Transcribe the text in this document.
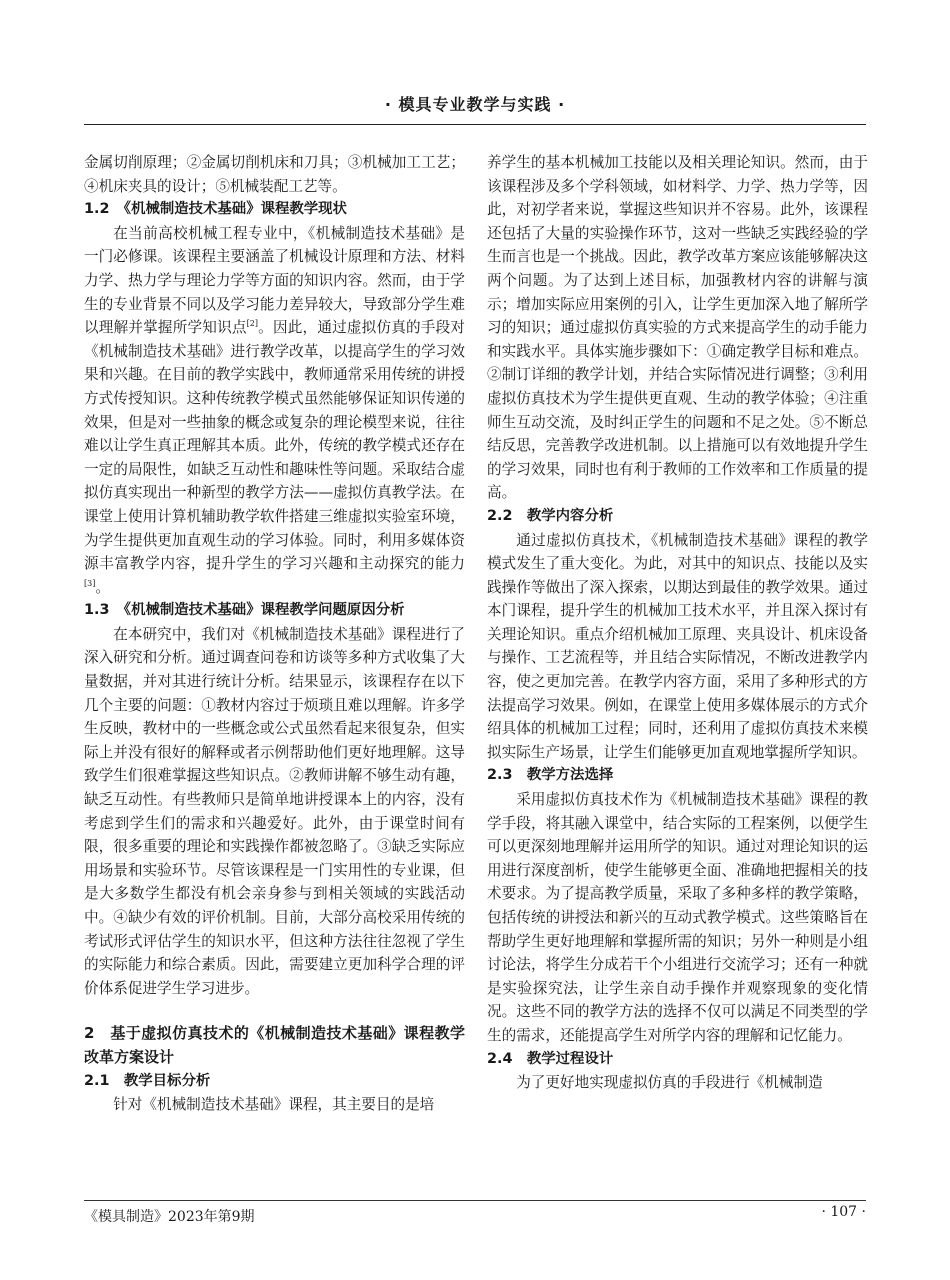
· 模具专业教学与实践 ·

金属切削原理；②金属切削机床和刀具；③机械加工工艺；④机床夹具的设计；⑤机械装配工艺等。

1.2　《机械制造技术基础》课程教学现状

在当前高校机械工程专业中，《机械制造技术基础》是一门必修课。该课程主要涵盖了机械设计原理和方法、材料力学、热力学与理论力学等方面的知识内容。然而，由于学生的专业背景不同以及学习能力差异较大，导致部分学生难以理解并掌握所学知识点[2]。因此，通过虚拟仿真的手段对《机械制造技术基础》进行教学改革，以提高学生的学习效果和兴趣。在目前的教学实践中，教师通常采用传统的讲授方式传授知识。这种传统教学模式虽然能够保证知识传递的效果，但是对一些抽象的概念或复杂的理论模型来说，往往难以让学生真正理解其本质。此外，传统的教学模式还存在一定的局限性，如缺乏互动性和趣味性等问题。采取结合虚拟仿真实现出一种新型的教学方法——虚拟仿真教学法。在课堂上使用计算机辅助教学软件搭建三维虚拟实验室环境，为学生提供更加直观生动的学习体验。同时，利用多媒体资源丰富教学内容，提升学生的学习兴趣和主动探究的能力[3]。

1.3　《机械制造技术基础》课程教学问题原因分析

在本研究中，我们对《机械制造技术基础》课程进行了深入研究和分析。通过调查问卷和访谈等多种方式收集了大量数据，并对其进行统计分析。结果显示，该课程存在以下几个主要的问题：①教材内容过于烦琐且难以理解。许多学生反映，教材中的一些概念或公式虽然看起来很复杂，但实际上并没有很好的解释或者示例帮助他们更好地理解。这导致学生们很难掌握这些知识点。②教师讲解不够生动有趣，缺乏互动性。有些教师只是简单地讲授课本上的内容，没有考虑到学生们的需求和兴趣爱好。此外，由于课堂时间有限，很多重要的理论和实践操作都被忽略了。③缺乏实际应用场景和实验环节。尽管该课程是一门实用性的专业课，但是大多数学生都没有机会亲身参与到相关领域的实践活动中。④缺少有效的评价机制。目前，大部分高校采用传统的考试形式评估学生的知识水平，但这种方法往往忽视了学生的实际能力和综合素质。因此，需要建立更加科学合理的评价体系促进学生学习进步。

2　基于虚拟仿真技术的《机械制造技术基础》课程教学改革方案设计
2.1　教学目标分析

针对《机械制造技术基础》课程，其主要目的是培

养学生的基本机械加工技能以及相关理论知识。然而，由于该课程涉及多个学科领域，如材料学、力学、热力学等，因此，对初学者来说，掌握这些知识并不容易。此外，该课程还包括了大量的实验操作环节，这对一些缺乏实践经验的学生而言也是一个挑战。因此，教学改革方案应该能够解决这两个问题。为了达到上述目标，加强教材内容的讲解与演示；增加实际应用案例的引入，让学生更加深入地了解所学习的知识；通过虚拟仿真实验的方式来提高学生的动手能力和实践水平。具体实施步骤如下：①确定教学目标和难点。②制订详细的教学计划，并结合实际情况进行调整；③利用虚拟仿真技术为学生提供更直观、生动的教学体验；④注重师生互动交流，及时纠正学生的问题和不足之处。⑤不断总结反思，完善教学改进机制。以上措施可以有效地提升学生的学习效果，同时也有利于教师的工作效率和工作质量的提高。

2.2　教学内容分析

通过虚拟仿真技术，《机械制造技术基础》课程的教学模式发生了重大变化。为此，对其中的知识点、技能以及实践操作等做出了深入探索，以期达到最佳的教学效果。通过本门课程，提升学生的机械加工技术水平，并且深入探讨有关理论知识。重点介绍机械加工原理、夹具设计、机床设备与操作、工艺流程等，并且结合实际情况，不断改进教学内容，使之更加完善。在教学内容方面，采用了多种形式的方法提高学习效果。例如，在课堂上使用多媒体展示的方式介绍具体的机械加工过程；同时，还利用了虚拟仿真技术来模拟实际生产场景，让学生们能够更加直观地掌握所学知识。

2.3　教学方法选择

采用虚拟仿真技术作为《机械制造技术基础》课程的教学手段，将其融入课堂中，结合实际的工程案例，以便学生可以更深刻地理解并运用所学的知识。通过对理论知识的运用进行深度剖析，使学生能够更全面、准确地把握相关的技术要求。为了提高教学质量，采取了多种多样的教学策略，包括传统的讲授法和新兴的互动式教学模式。这些策略旨在帮助学生更好地理解和掌握所需的知识；另外一种则是小组讨论法，将学生分成若干个小组进行交流学习；还有一种就是实验探究法，让学生亲自动手操作并观察现象的变化情况。这些不同的教学方法的选择不仅可以满足不同类型的学生的需求，还能提高学生对所学内容的理解和记忆能力。

2.4　教学过程设计

为了更好地实现虚拟仿真的手段进行《机械制造

《模具制造》2023年第9期	· 107 ·
